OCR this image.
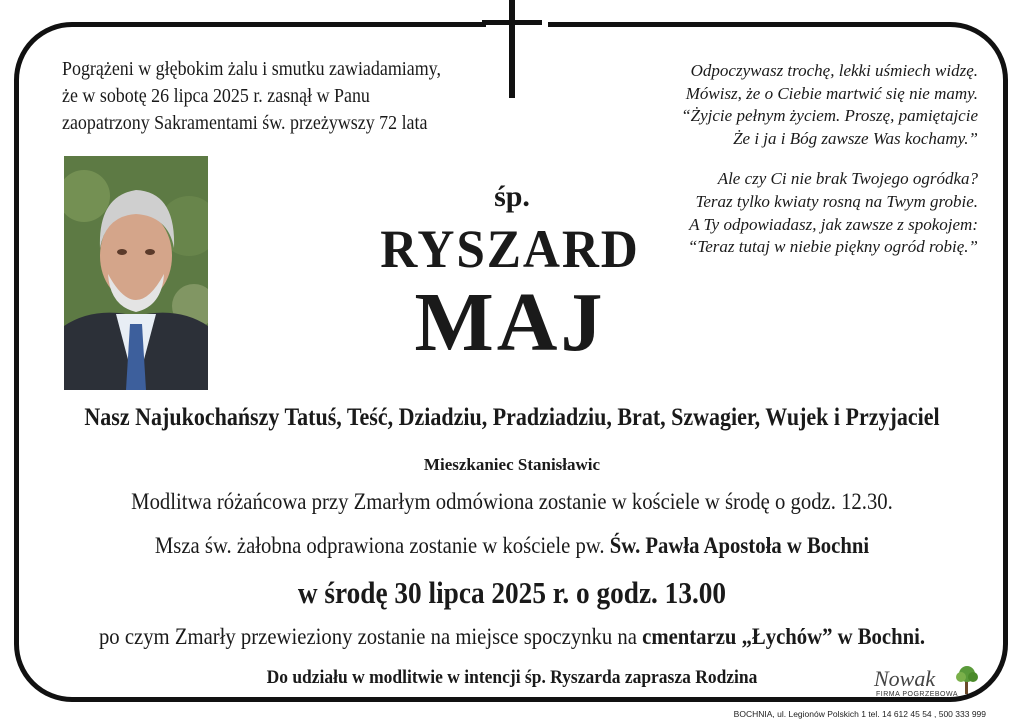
Pogrążeni w głębokim żalu i smutku zawiadamiamy,
że w sobotę 26 lipca 2025 r. zasnął w Panu
zaopatrzony Sakramentami św. przeżywszy 72 lata
Odpoczywasz trochę, lekki uśmiech widzę.
Mówisz, że o Ciebie martwić się nie mamy.
“Żyjcie pełnym życiem. Proszę, pamiętajcie
Że i ja i Bóg zawsze Was kochamy.”
Ale czy Ci nie brak Twojego ogródka?
Teraz tylko kwiaty rosną na Twym grobie.
A Ty odpowiadasz, jak zawsze z spokojem:
“Teraz tutaj w niebie piękny ogród robię.”
śp.
RYSZARD
MAJ
Nasz Najukochańszy Tatuś, Teść, Dziadziu, Pradziadziu, Brat, Szwagier, Wujek i Przyjaciel
Mieszkaniec Stanisławic
Modlitwa różańcowa przy Zmarłym odmówiona zostanie w kościele w środę o godz. 12.30.
Msza św. żałobna odprawiona zostanie w kościele pw. Św. Pawła Apostoła w Bochni
w środę 30 lipca 2025 r. o godz. 13.00
po czym Zmarły przewieziony zostanie na miejsce spoczynku na cmentarzu „Łychów” w Bochni.
Do udziału w modlitwie w intencji śp. Ryszarda zaprasza Rodzina	Nowak
FIRMA POGRZEBOWA
BOCHNIA, ul. Legionów Polskich 1 tel. 14 612 45 54 , 500 333 999
